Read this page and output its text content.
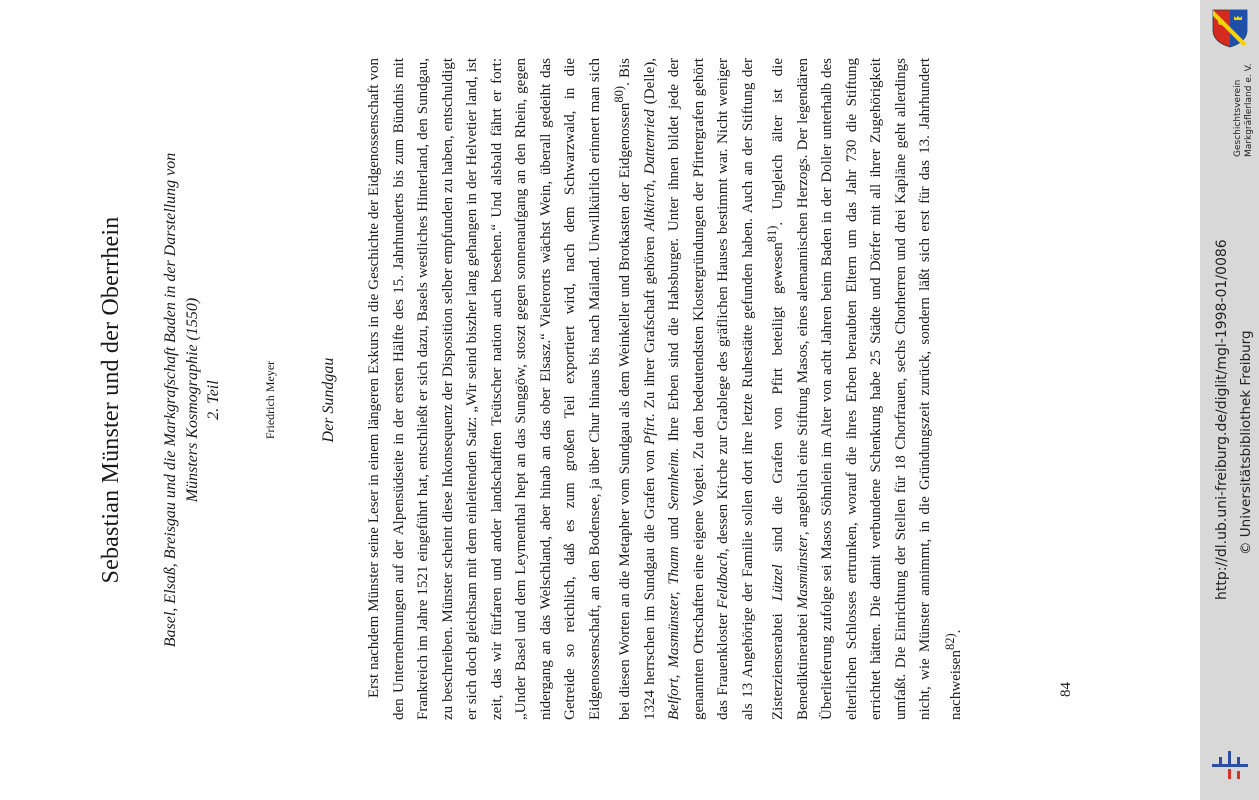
Sebastian Münster und der Oberrhein Basel, Elsaß, Breisgau und die Markgrafschaft Baden in der Darstellung von Münsters Kosmographie (1550) 2. Teil	Friedrich Meyer	Der Sundgau Erst nachdem Münster seine Leser in einem längeren Exkurs in die Geschichte der Eidgenossenschaft von den Unternehmungen auf der Alpensüdseite in der ersten Hälfte des 15. Jahrhunderts bis zum Bündnis mit Frankreich im Jahre 1521 eingeführt hat, entschließt er sich dazu, Basels westliches Hinterland, den Sundgau, zu beschreiben. Münster scheint diese Inkonsequenz der Disposition selber empfunden zu haben, entschuldigt er sich doch gleichsam mit dem einleitenden Satz: „Wir seind biszher lang gehangen in der Helvetier land, ist zeit, das wir fürfaren und ander landschafften Teütscher nation auch besehen.“ Und alsbald fährt er fort: „Under Basel und dem Leymenthal hept an das Sunggöw, stoszt gegen sonnenaufgang an den Rhein, gegen nidergang an das Welschland, aber hinab an das ober Elsasz.“ Vielerorts wächst Wein, überall gedeiht das Getreide so reichlich, daß es zum großen Teil exportiert wird, nach dem Schwarzwald, in die Eidgenossenschaft, an den Bodensee, ja über Chur hinaus bis nach Mailand. Unwillkürlich erinnert man sich bei diesen Worten an die Metapher vom Sundgau als dem Weinkeller und Brotkasten der Eidgenossen$^{80)}$. Bis 1324 herrschen im Sundgau die Grafen von Pfirt. Zu ihrer Grafschaft gehören Altkirch, Dattenried (Delle), Belfort, Masmünster, Thann und Sennheim. Ihre Erben sind die Habsburger. Unter ihnen bildet jede der genannten Ortschaften eine eigene Vogtei. Zu den bedeutendsten Klostergründungen der Pfirtergrafen gehört das Frauenkloster Feldbach, dessen Kirche zur Grablege des gräflichen Hauses bestimmt war. Nicht weniger als 13 Angehörige der Familie sollen dort ihre letzte Ruhestätte gefunden haben. Auch an der Stiftung der Zisterzienserabtei Lützel sind die Grafen von Pfirt beteiligt gewesen$^{81)}$. Ungleich älter ist die Benediktinerabtei Masmünster, angeblich eine Stiftung Masos, eines alemannischen Herzogs. Der legendären Überlieferung zufolge sei Masos Söhnlein im Alter von acht Jahren beim Baden in der Doller unterhalb des elterlichen Schlosses ertrunken, worauf die ihres Erben beraubten Eltern um das Jahr 730 die Stiftung errichtet hätten. Die damit verbundene Schenkung habe 25 Städte und Dörfer mit all ihrer Zugehörigkeit umfaßt. Die Einrichtung der Stellen für 18 Chorfrauen, sechs Chorherren und drei Kapläne geht allerdings nicht, wie Münster annimmt, in die Gründungszeit zurück, sondern läßt sich erst für das 13. Jahrhundert nachweisen$^{82)}$.

84
http://dl.ub.uni-freiburg.de/diglit/mgl-1998-01/0086 © Universitätsbibliothek Freiburg
Geschichtsverein Markgräflerland e. V.
